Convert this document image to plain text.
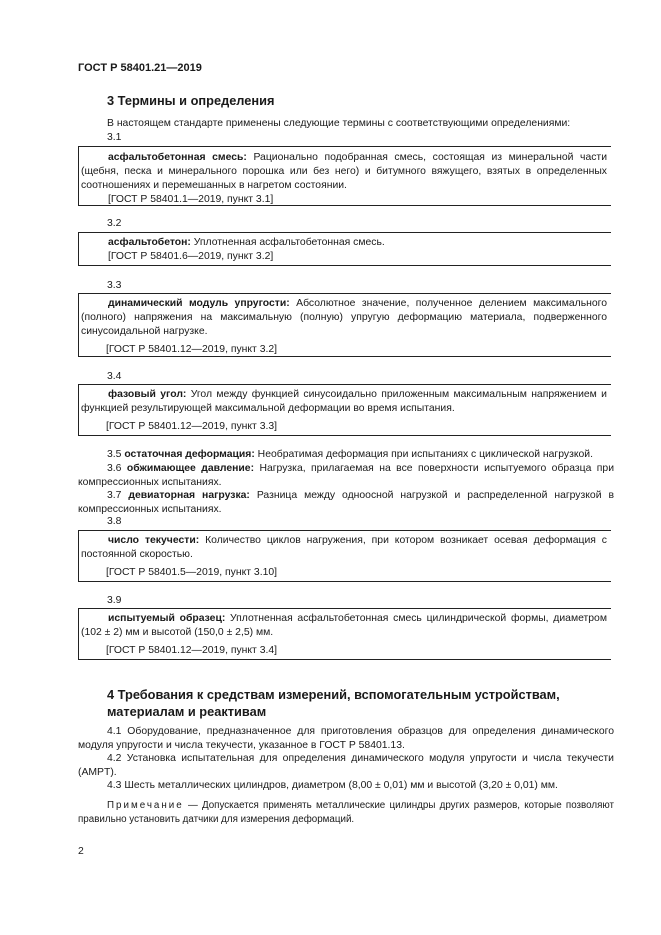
ГОСТ Р 58401.21—2019
3 Термины и определения

В настоящем стандарте применены следующие термины с соответствующими определениями:

3.1

асфальтобетонная смесь: Рационально подобранная смесь, состоящая из минеральной части (щебня, песка и минерального порошка или без него) и битумного вяжущего, взятых в определенных соотношениях и перемешанных в нагретом состоянии.

[ГОСТ Р 58401.1—2019, пункт 3.1]

3.2

асфальтобетон: Уплотненная асфальтобетонная смесь.

[ГОСТ Р 58401.6—2019, пункт 3.2]

3.3

динамический модуль упругости: Абсолютное значение, полученное делением максимального (полного) напряжения на максимальную (полную) упругую деформацию материала, подверженного синусоидальной нагрузке.

[ГОСТ Р 58401.12—2019, пункт 3.2]

3.4

фазовый угол: Угол между функцией синусоидально приложенным максимальным напряжением и функцией результирующей максимальной деформации во время испытания.

[ГОСТ Р 58401.12—2019, пункт 3.3]

3.5 остаточная деформация: Необратимая деформация при испытаниях с циклической нагрузкой.

3.6 обжимающее давление: Нагрузка, прилагаемая на все поверхности испытуемого образца при компрессионных испытаниях.

3.7 девиаторная нагрузка: Разница между одноосной нагрузкой и распределенной нагрузкой в компрессионных испытаниях.

3.8

число текучести: Количество циклов нагружения, при котором возникает осевая деформация с постоянной скоростью.

[ГОСТ Р 58401.5—2019, пункт 3.10]

3.9

испытуемый образец: Уплотненная асфальтобетонная смесь цилиндрической формы, диаметром (102 ± 2) мм и высотой (150,0 ± 2,5) мм.

[ГОСТ Р 58401.12—2019, пункт 3.4]

4 Требования к средствам измерений, вспомогательным устройствам,
материалам и реактивам

4.1 Оборудование, предназначенное для приготовления образцов для определения динамического модуля упругости и числа текучести, указанное в ГОСТ Р 58401.13.

4.2 Установка испытательная для определения динамического модуля упругости и числа текучести (AMPT).

4.3 Шесть металлических цилиндров, диаметром (8,00 ± 0,01) мм и высотой (3,20 ± 0,01) мм.

Примечание — Допускается применять металлические цилиндры других размеров, которые позволяют правильно установить датчики для измерения деформаций.

2
